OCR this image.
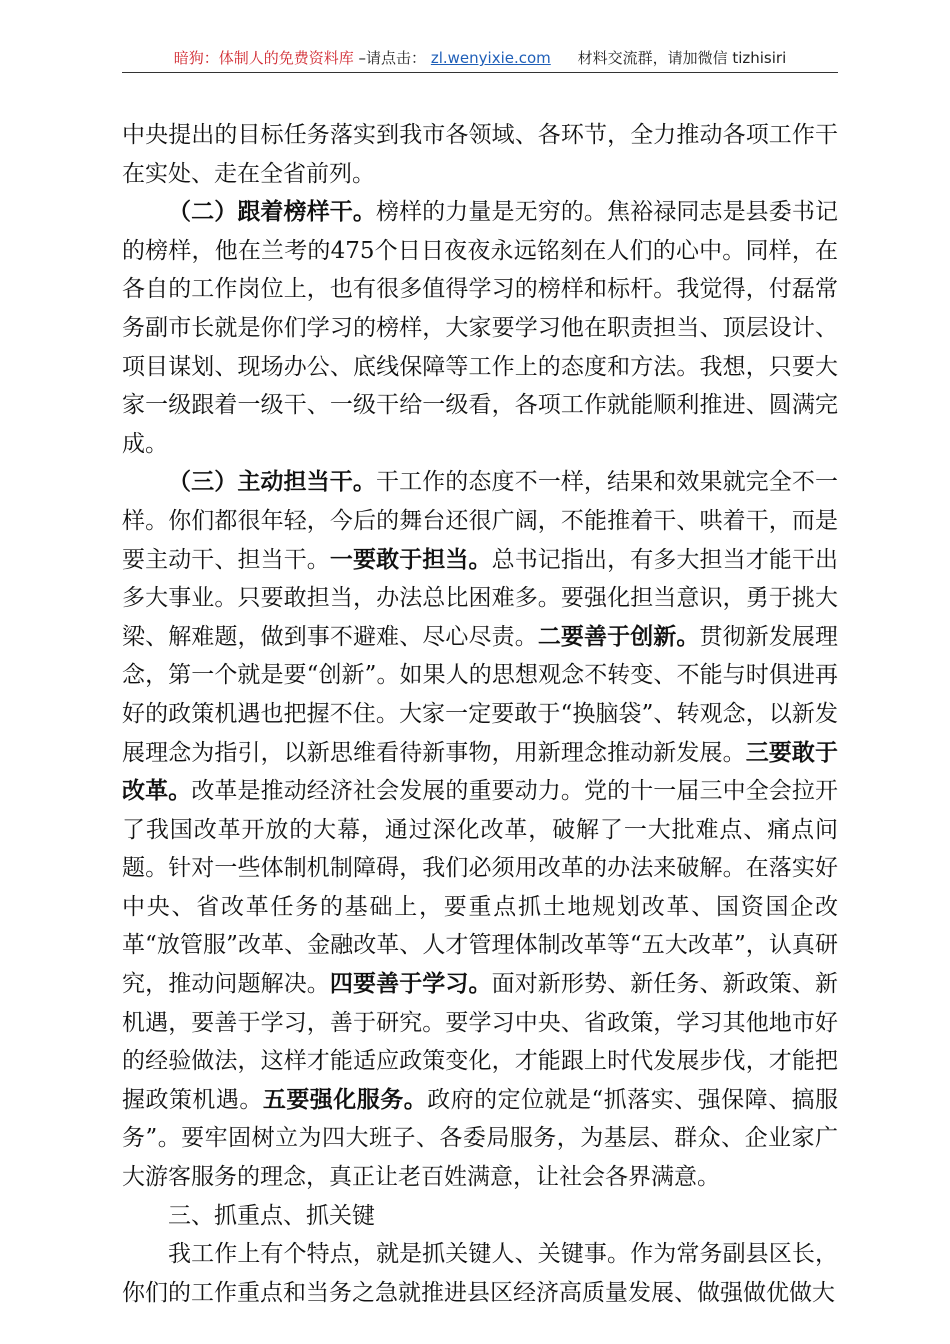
暗狗：体制人的免费资料库 –请点击： zl.wenyixie.com 材料交流群，请加微信 tizhisiri

中央提出的目标任务落实到我市各领域、各环节，全力推动各项工作干在实处、走在全省前列。

（二）跟着榜样干。榜样的力量是无穷的。焦裕禄同志是县委书记的榜样，他在兰考的475个日日夜夜永远铭刻在人们的心中。同样，在各自的工作岗位上，也有很多值得学习的榜样和标杆。我觉得，付磊常务副市长就是你们学习的榜样，大家要学习他在职责担当、顶层设计、项目谋划、现场办公、底线保障等工作上的态度和方法。我想，只要大家一级跟着一级干、一级干给一级看，各项工作就能顺利推进、圆满完成。

（三）主动担当干。干工作的态度不一样，结果和效果就完全不一样。你们都很年轻，今后的舞台还很广阔，不能推着干、哄着干，而是要主动干、担当干。一要敢于担当。总书记指出，有多大担当才能干出多大事业。只要敢担当，办法总比困难多。要强化担当意识，勇于挑大梁、解难题，做到事不避难、尽心尽责。二要善于创新。贯彻新发展理念，第一个就是要“创新”。如果人的思想观念不转变、不能与时俱进再好的政策机遇也把握不住。大家一定要敢于“换脑袋”、转观念，以新发展理念为指引，以新思维看待新事物，用新理念推动新发展。三要敢于改革。改革是推动经济社会发展的重要动力。党的十一届三中全会拉开了我国改革开放的大幕，通过深化改革，破解了一大批难点、痛点问题。针对一些体制机制障碍，我们必须用改革的办法来破解。在落实好中央、省改革任务的基础上，要重点抓土地规划改革、国资国企改革“放管服”改革、金融改革、人才管理体制改革等“五大改革”，认真研究，推动问题解决。四要善于学习。面对新形势、新任务、新政策、新机遇，要善于学习，善于研究。要学习中央、省政策，学习其他地市好的经验做法，这样才能适应政策变化，才能跟上时代发展步伐，才能把握政策机遇。五要强化服务。政府的定位就是“抓落实、强保障、搞服务”。要牢固树立为四大班子、各委局服务，为基层、群众、企业家广大游客服务的理念，真正让老百姓满意，让社会各界满意。

三、抓重点、抓关键

我工作上有个特点，就是抓关键人、关键事。作为常务副县区长，你们的工作重点和当务之急就推进县区经济高质量发展、做强做优做大
